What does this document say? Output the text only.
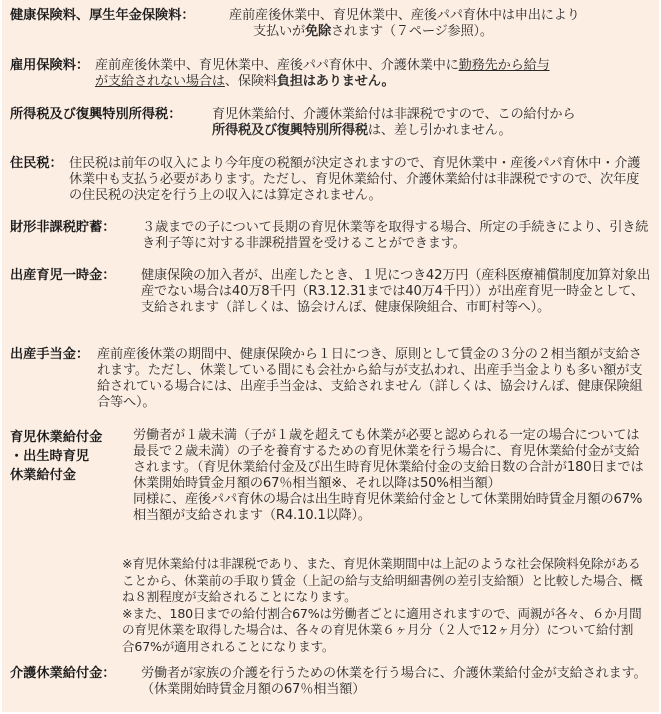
健康保険料、厚生年金保険料：	産前産後休業中、育児休業中、産後パパ育休中は申出により
支払いが免除されます（７ページ参照）。
雇用保険料： 産前産後休業中、育児休業中、産後パパ育休中、介護休業中に勤務先から給与
が支給されない場合は、保険料負担はありません。
所得税及び復興特別所得税： 育児休業給付、介護休業給付は非課税ですので、この給付から
所得税及び復興特別所得税は、差し引かれません。
住民税： 住民税は前年の収入により今年度の税額が決定されますので、育児休業中・産後パパ育休中・介護休業中も支払う必要があります。ただし、育児休業給付、介護休業給付は非課税ですので、次年度の住民税の決定を行う上の収入には算定されません。
財形非課税貯蓄： ３歳までの子について長期の育児休業等を取得する場合、所定の手続きにより、引き続き利子等に対する非課税措置を受けることができます。
出産育児一時金： 健康保険の加入者が、出産したとき、１児につき42万円（産科医療補償制度加算対象出産でない場合は40万8千円（R3.12.31までは40万4千円））が出産育児一時金として、支給されます（詳しくは、協会けんぽ、健康保険組合、市町村等へ）。
出産手当金： 産前産後休業の期間中、健康保険から１日につき、原則として賃金の３分の２相当額が支給されます。ただし、休業している間にも会社から給与が支払われ、出産手当金よりも多い額が支給されている場合には、出産手当金は、支給されません（詳しくは、協会けんぽ、健康保険組合等へ）。
育児休業給付金
・出生時育児
休業給付金
労働者が１歳未満（子が１歳を超えても休業が必要と認められる一定の場合については最長で２歳未満）の子を養育するための育児休業を行う場合に、育児休業給付金が支給されます。（育児休業給付金及び出生時育児休業給付金の支給日数の合計が180日までは休業開始時賃金月額の67％相当額※、それ以降は50%相当額）
同様に、産後パパ育休の場合は出生時育児休業給付金として休業開始時賃金月額の67%相当額が支給されます（R4.10.1以降）。
※育児休業給付は非課税であり、また、育児休業期間中は上記のような社会保険料免除があることから、休業前の手取り賃金（上記の給与支給明細書例の差引支給額）と比較した場合、概ね８割程度が支給されることになります。
※また、180日までの給付割合67%は労働者ごとに適用されますので、両親が各々、６か月間の育児休業を取得した場合は、各々の育児休業６ヶ月分（２人で12ヶ月分）について給付割合67%が適用されることになります。
介護休業給付金： 労働者が家族の介護を行うための休業を行う場合に、介護休業給付金が支給されます。（休業開始時賃金月額の67％相当額）
